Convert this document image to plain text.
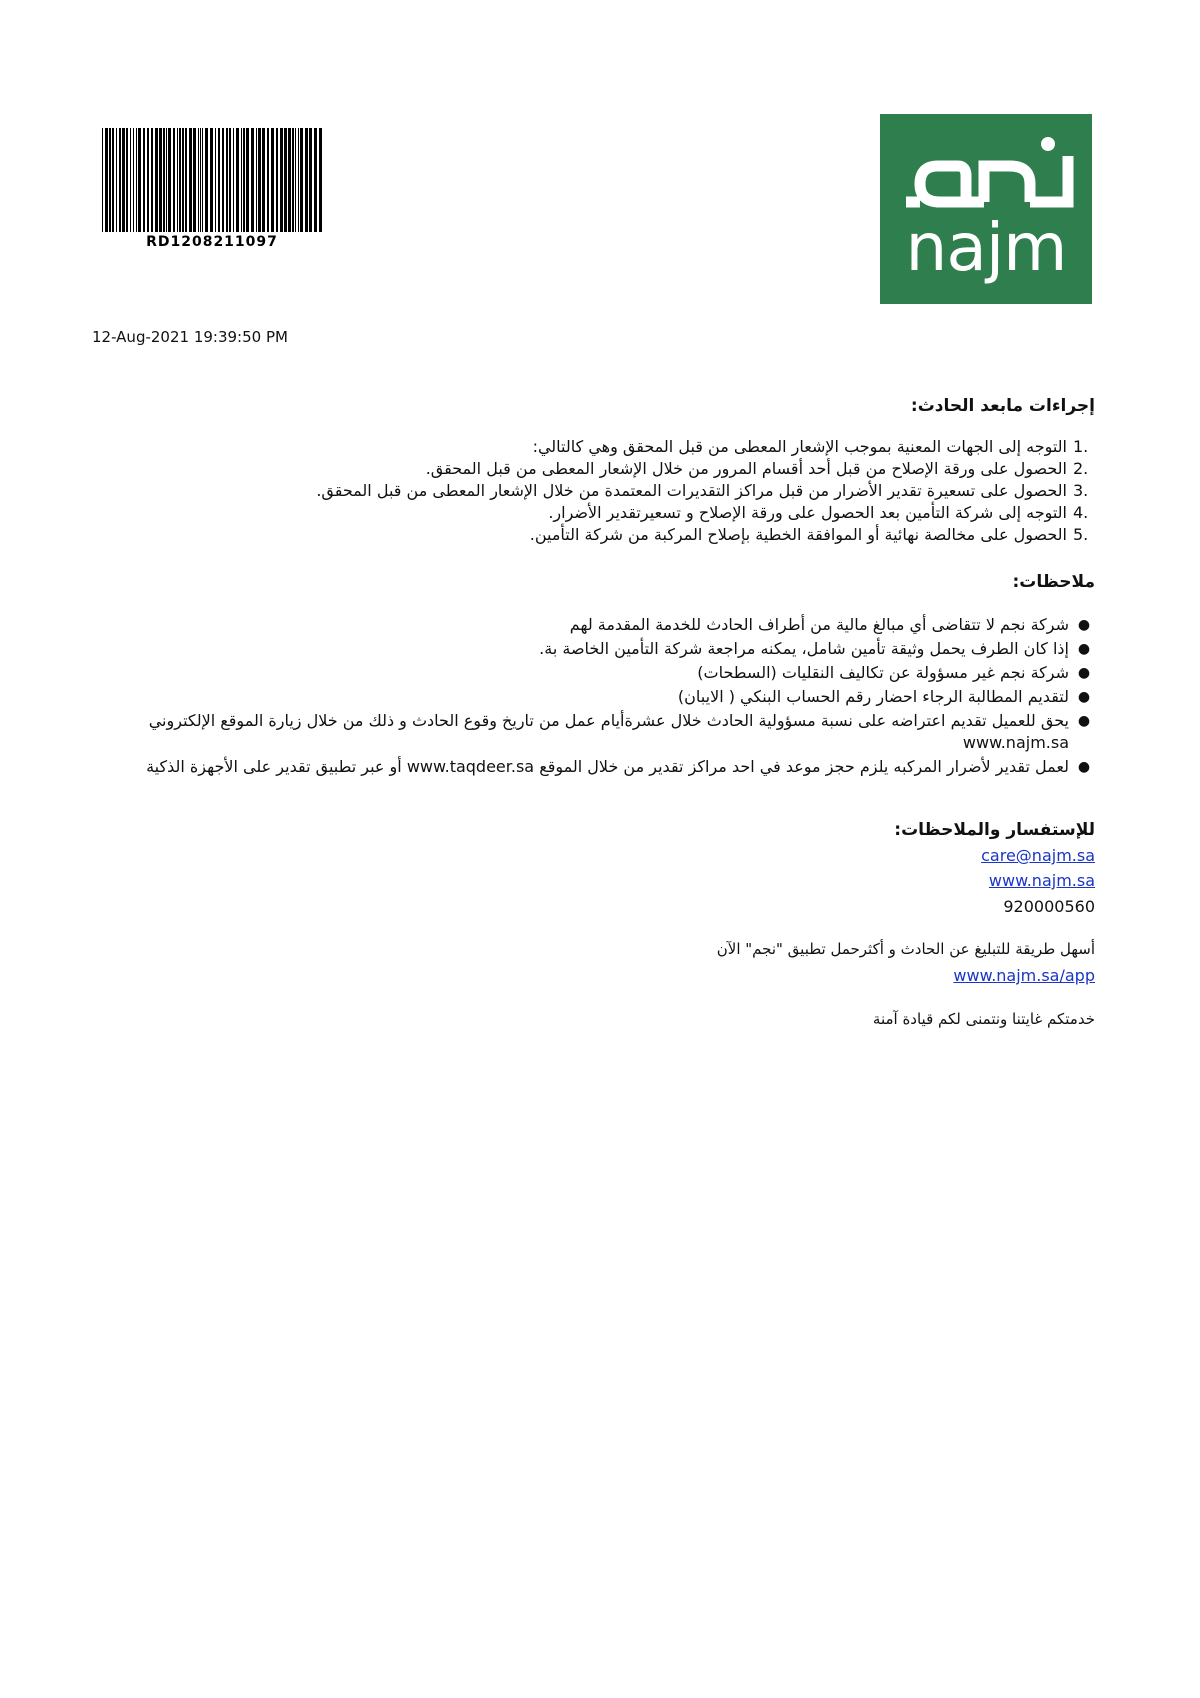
RD1208211097	najm
12-Aug-2021 19:39:50 PM
إجراءات مابعد الحادث:
1.
التوجه إلى الجهات المعنية بموجب الإشعار المعطى من قبل المحقق وهي كالتالي:
2.
الحصول على ورقة الإصلاح من قبل أحد أقسام المرور من خلال الإشعار المعطى من قبل المحقق.
3.
الحصول على تسعيرة تقدير الأضرار من قبل مراكز التقديرات المعتمدة من خلال الإشعار المعطى من قبل المحقق.
4.
التوجه إلى شركة التأمين بعد الحصول على ورقة الإصلاح و تسعيرتقدير الأضرار.
5.
الحصول على مخالصة نهائية أو الموافقة الخطية بإصلاح المركبة من شركة التأمين.
ملاحظات:
●
شركة نجم لا تتقاضى أي مبالغ مالية من أطراف الحادث للخدمة المقدمة لهم
●
إذا كان الطرف يحمل وثيقة تأمين شامل، يمكنه مراجعة شركة التأمين الخاصة بة.
●
شركة نجم غير مسؤولة عن تكاليف النقليات (السطحات)
●
لتقديم المطالبة الرجاء احضار رقم الحساب البنكي ( الايبان)
●
يحق للعميل تقديم اعتراضه على نسبة مسؤولية الحادث خلال عشرةأيام عمل من تاريخ وقوع الحادث و ذلك من خلال زيارة الموقع الإلكتروني www.najm.sa
●
لعمل تقدير لأضرار المركبه يلزم حجز موعد في احد مراكز تقدير من خلال الموقع www.taqdeer.sa أو عبر تطبيق تقدير على الأجهزة الذكية
للإستفسار والملاحظات:
care@najm.sa
www.najm.sa
920000560
أسهل طريقة للتبليغ عن الحادث و أكثرحمل تطبيق "نجم" الآن
www.najm.sa/app
خدمتكم غايتنا ونتمنى لكم قيادة آمنة
